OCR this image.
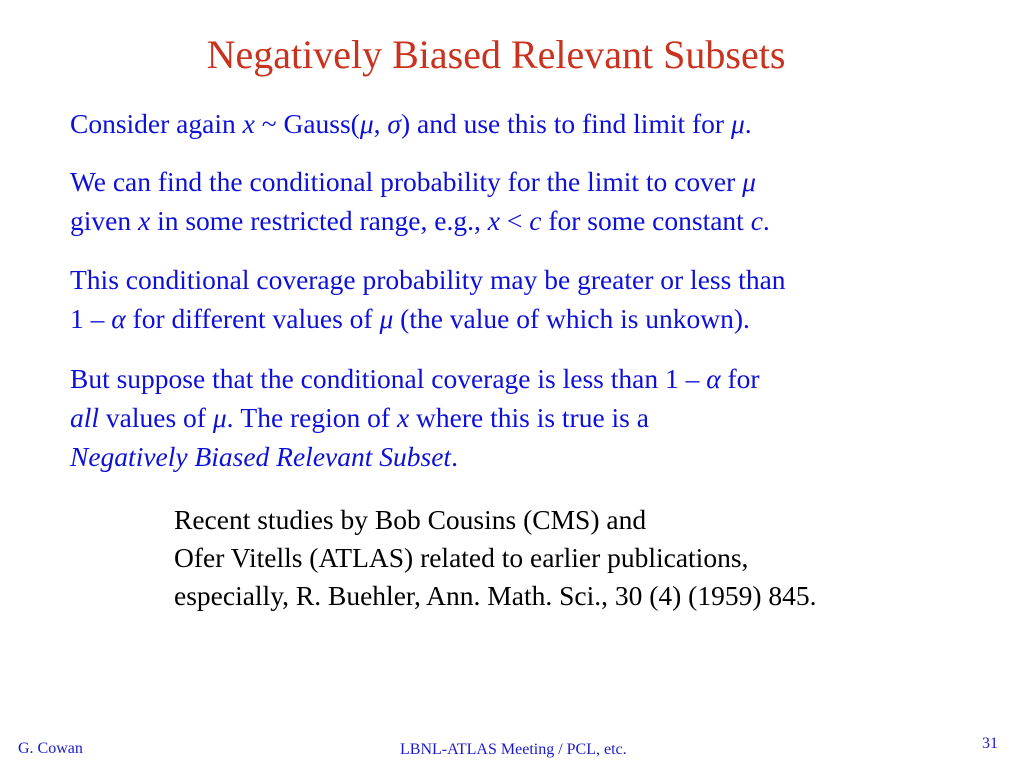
Negatively Biased Relevant Subsets
Consider again x ~ Gauss(μ, σ) and use this to find limit for μ.
We can find the conditional probability for the limit to cover μ
given x in some restricted range, e.g., x < c for some constant c.
This conditional coverage probability may be greater or less than
1 – α for different values of μ (the value of which is unkown).
But suppose that the conditional coverage is less than 1 – α for
all values of μ. The region of x where this is true is a
Negatively Biased Relevant Subset.
Recent studies by Bob Cousins (CMS) and
Ofer Vitells (ATLAS) related to earlier publications,
especially, R. Buehler, Ann. Math. Sci., 30 (4) (1959) 845.
G. Cowan	LBNL-ATLAS Meeting / PCL, etc.	31
